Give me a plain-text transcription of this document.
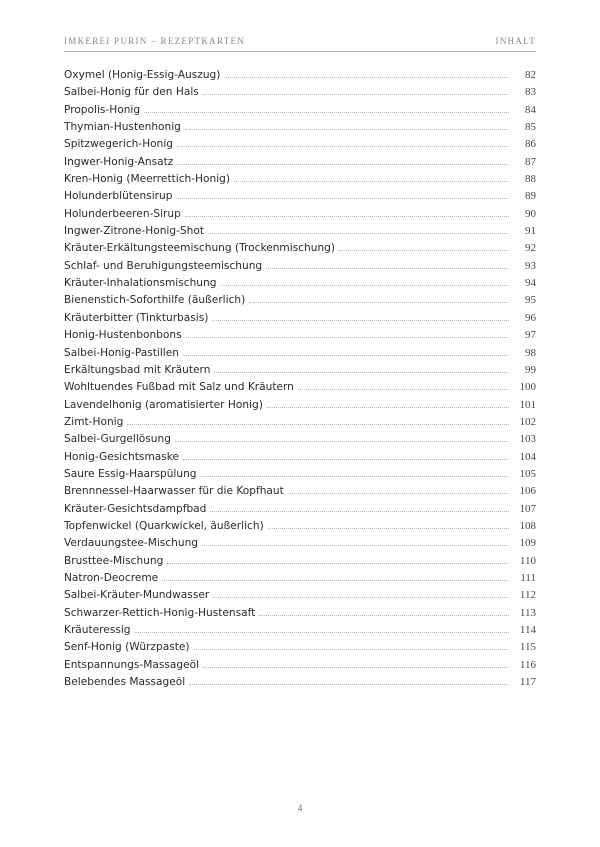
IMKEREI PURIN – REZEPTKARTEN	INHALT
Oxymel (Honig-Essig-Auszug)	82
Salbei-Honig für den Hals	83
Propolis-Honig	84
Thymian-Hustenhonig	85
Spitzwegerich-Honig	86
Ingwer-Honig-Ansatz	87
Kren-Honig (Meerrettich-Honig)	88
Holunderblütensirup	89
Holunderbeeren-Sirup	90
Ingwer-Zitrone-Honig-Shot	91
Kräuter-Erkältungsteemischung (Trockenmischung)	92
Schlaf- und Beruhigungsteemischung	93
Kräuter-Inhalationsmischung	94
Bienenstich-Soforthilfe (äußerlich)	95
Kräuterbitter (Tinkturbasis)	96
Honig-Hustenbonbons	97
Salbei-Honig-Pastillen	98
Erkältungsbad mit Kräutern	99
Wohltuendes Fußbad mit Salz und Kräutern	100
Lavendelhonig (aromatisierter Honig)	101
Zimt-Honig	102
Salbei-Gurgellösung	103
Honig-Gesichtsmaske	104
Saure Essig-Haarspülung	105
Brennnessel-Haarwasser für die Kopfhaut	106
Kräuter-Gesichtsdampfbad	107
Topfenwickel (Quarkwickel, äußerlich)	108
Verdauungstee-Mischung	109
Brusttee-Mischung	110
Natron-Deocreme	111
Salbei-Kräuter-Mundwasser	112
Schwarzer-Rettich-Honig-Hustensaft	113
Kräuteressig	114
Senf-Honig (Würzpaste)	115
Entspannungs-Massageöl	116
Belebendes Massageöl	117
4
